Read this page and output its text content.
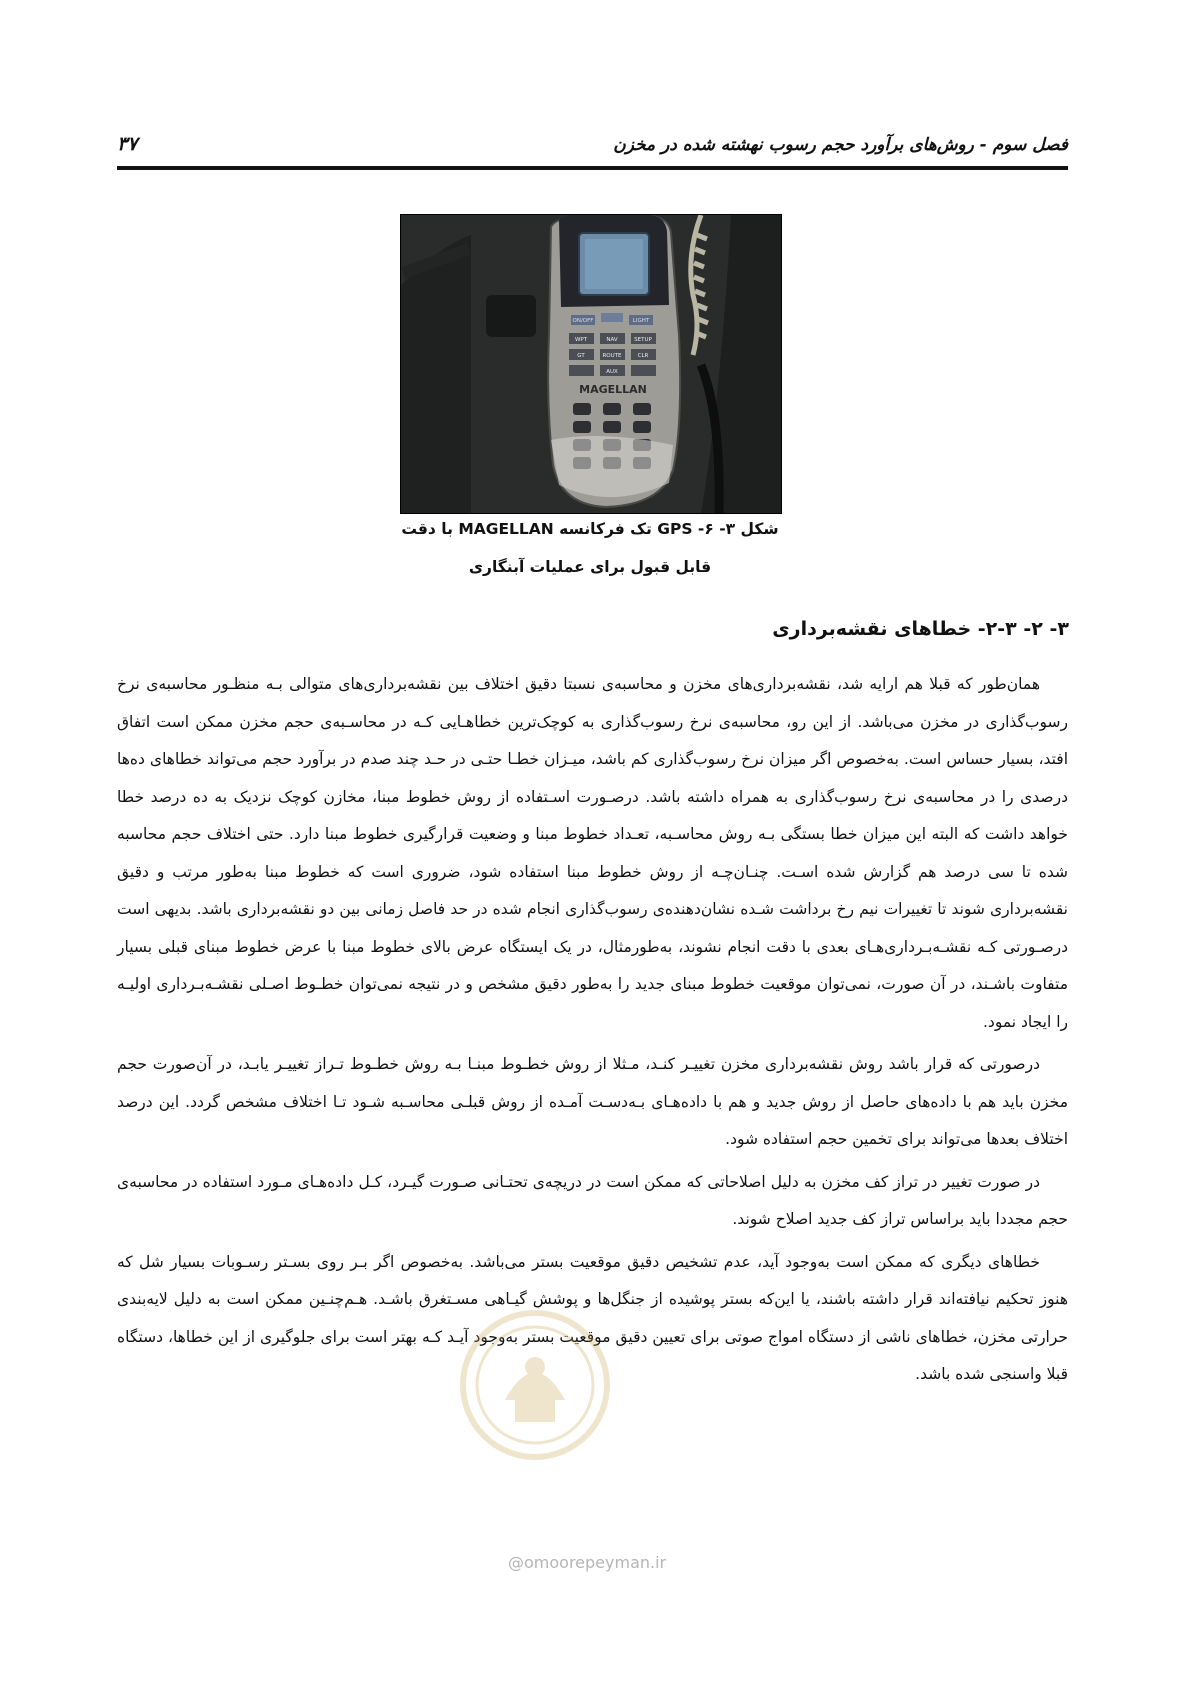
فصل سوم - روش‌های برآورد حجم رسوب نهشته شده در مخزن
۳۷
ON/OFF	LIGHT
WPT	NAV	SETUP
GT	ROUTE	CLR
AUX
MAGELLAN
شکل ۳- ۶- GPS تک فرکانسه MAGELLAN با دقت
قابل قبول برای عملیات آبنگاری
۳- ۲- ۲-۳- خطاهای نقشه‌برداری

همان‌طور که قبلا هم ارایه شد، نقشه‌برداری‌های مخزن و محاسبه‌ی نسبتا دقیق اختلاف بین نقشه‌برداری‌های متوالی بـه منظـور محاسبه‌ی نرخ رسوب‌گذاری در مخزن می‌باشد. از این رو، محاسبه‌ی نرخ رسوب‌گذاری به کوچک‌ترین خطاهـایی کـه در محاسـبه‌ی حجم مخزن ممکن است اتفاق افتد، بسیار حساس است. به‌خصوص اگر میزان نرخ رسوب‌گذاری کم باشد، میـزان خطـا حتـی در حـد چند صدم در برآورد حجم می‌تواند خطاهای ده‌ها درصدی را در محاسبه‌ی نرخ رسوب‌گذاری به همراه داشته باشد. درصـورت اسـتفاده از روش خطوط مبنا، مخازن کوچک نزدیک به ده درصد خطا خواهد داشت که البته این میزان خطا بستگی بـه روش محاسـبه، تعـداد خطوط مبنا و وضعیت قرارگیری خطوط مبنا دارد. حتی اختلاف حجم محاسبه شده تا سی درصد هم گزارش شده اسـت. چنـان‌چـه از روش خطوط مبنا استفاده شود، ضروری است که خطوط مبنا به‌طور مرتب و دقیق نقشه‌برداری شوند تا تغییرات نیم رخ برداشت شـده نشان‌دهنده‌ی رسوب‌گذاری انجام شده در حد فاصل زمانی بین دو نقشه‌برداری باشد. بدیهی است درصـورتی کـه نقشـه‌بـرداری‌هـای بعدی با دقت انجام نشوند، به‌طورمثال، در یک ایستگاه عرض بالای خطوط مبنا با عرض خطوط مبنای قبلی بسیار متفاوت باشـند، در آن صورت، نمی‌توان موقعیت خطوط مبنای جدید را به‌طور دقیق مشخص و در نتیجه نمی‌توان خطـوط اصـلی نقشـه‌بـرداری اولیـه را ایجاد نمود.

درصورتی که قرار باشد روش نقشه‌برداری مخزن تغییـر کنـد، مـثلا از روش خطـوط مبنـا بـه روش خطـوط تـراز تغییـر یابـد، در آن‌صورت حجم مخزن باید هم با داده‌های حاصل از روش جدید و هم با داده‌هـای بـه‌دسـت آمـده از روش قبلـی محاسـبه شـود تـا اختلاف مشخص گردد. این درصد اختلاف بعدها می‌تواند برای تخمین حجم استفاده شود.

در صورت تغییر در تراز کف مخزن به دلیل اصلاحاتی که ممکن است در دریچه‌ی تحتـانی صـورت گیـرد، کـل داده‌هـای مـورد استفاده در محاسبه‌ی حجم مجددا باید براساس تراز کف جدید اصلاح شوند.

خطاهای دیگری که ممکن است به‌وجود آید، عدم تشخیص دقیق موقعیت بستر می‌باشد. به‌خصوص اگر بـر روی بسـتر رسـوبات بسیار شل که هنوز تحکیم نیافته‌اند قرار داشته باشند، یا این‌که بستر پوشیده از جنگل‌ها و پوشش گیـاهی مسـتغرق باشـد. هـم‌چنـین ممکن است به دلیل لایه‌بندی حرارتی مخزن، خطاهای ناشی از دستگاه امواج صوتی برای تعیین دقیق موقعیت بستر به‌وجود آیـد کـه بهتر است برای جلوگیری از این خطاها، دستگاه قبلا واسنجی شده باشد.

@omoorepeyman.ir
